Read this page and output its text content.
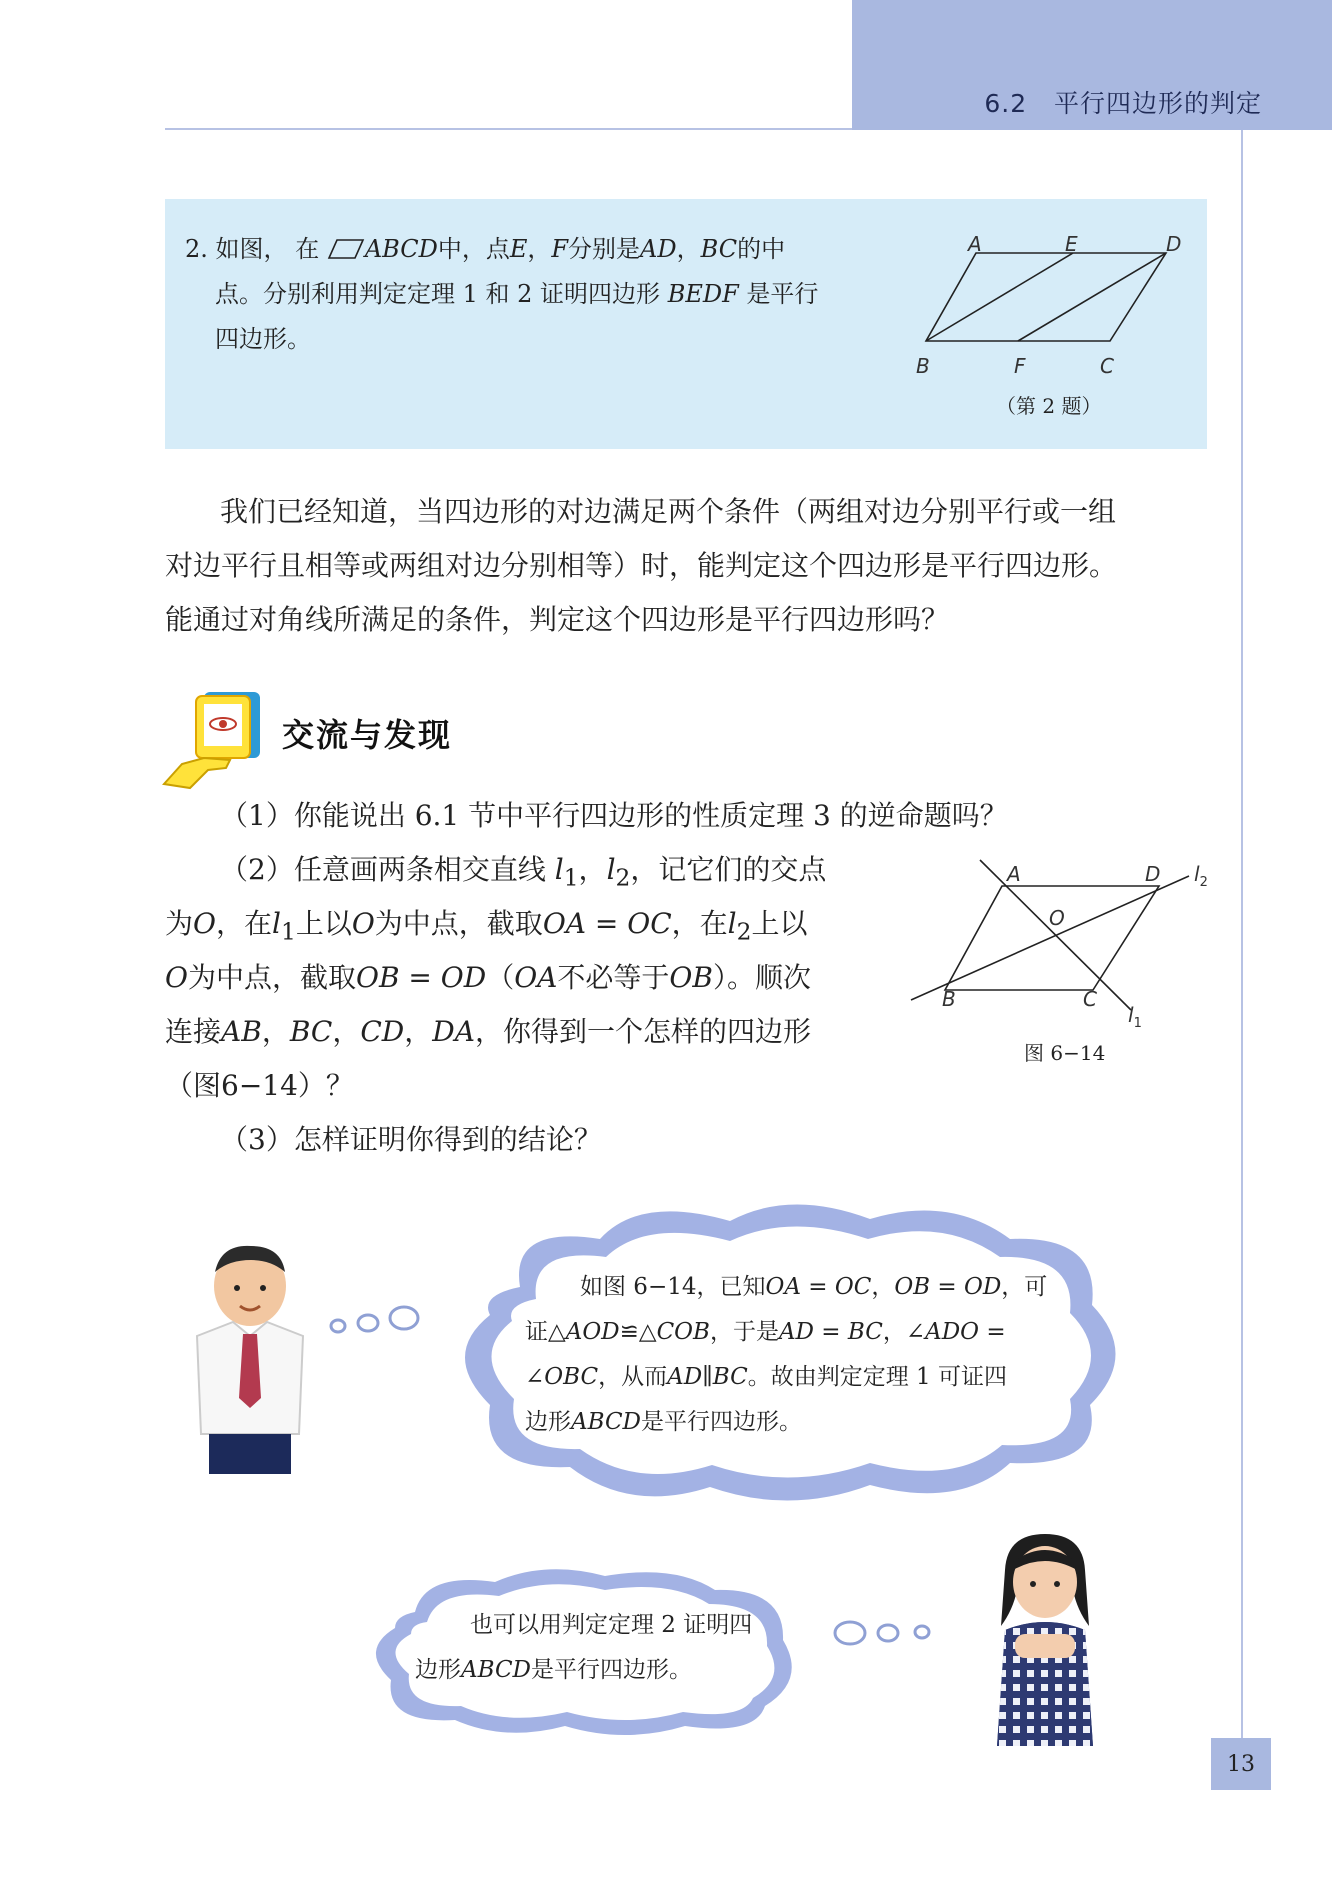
6.2 平行四边形的判定
2. 如图， 在 ABCD中，点E，F分别是AD，BC的中
点。分别利用判定定理 1 和 2 证明四边形 BEDF 是平行
四边形。
A	E	D
B	F	C
（第 2 题）
我们已经知道，当四边形的对边满足两个条件（两组对边分别平行或一组
对边平行且相等或两组对边分别相等）时，能判定这个四边形是平行四边形。
能通过对角线所满足的条件，判定这个四边形是平行四边形吗？
交流与发现
（1）你能说出 6.1 节中平行四边形的性质定理 3 的逆命题吗？
（2）任意画两条相交直线 $l_1$，$l_2$，记它们的交点
为O，在$l_1$上以O为中点，截取OA = OC，在$l_2$上以
O为中点，截取OB = OD（OA不必等于OB）。顺次
连接AB，BC，CD，DA，你得到一个怎样的四边形
（图6−14）？
（3）怎样证明你得到的结论？
A	D $l_2$
O
B	C
$l_1$
图 6−14
如图 6−14，已知OA = OC，OB = OD，可
证△AOD≌△COB，于是AD = BC，∠ADO =
∠OBC，从而AD∥BC。故由判定定理 1 可证四
边形ABCD是平行四边形。
也可以用判定定理 2 证明四
边形ABCD是平行四边形。
13
